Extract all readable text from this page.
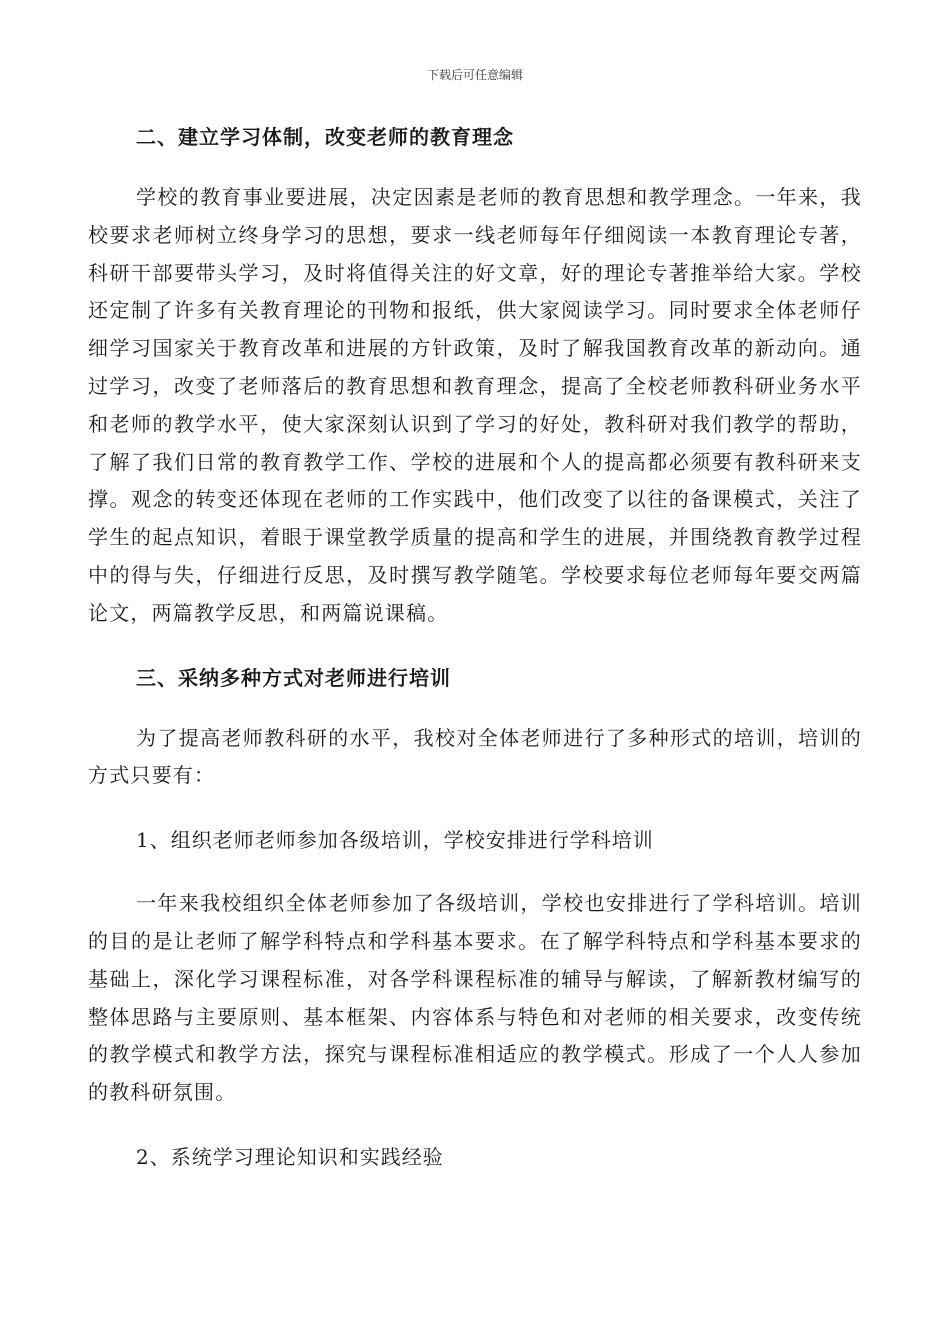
下载后可任意编辑
二、建立学习体制，改变老师的教育理念

学校的教育事业要进展，决定因素是老师的教育思想和教学理念。一年来，我校要求老师树立终身学习的思想，要求一线老师每年仔细阅读一本教育理论专著，科研干部要带头学习，及时将值得关注的好文章，好的理论专著推举给大家。学校还定制了许多有关教育理论的刊物和报纸，供大家阅读学习。同时要求全体老师仔细学习国家关于教育改革和进展的方针政策，及时了解我国教育改革的新动向。通过学习，改变了老师落后的教育思想和教育理念，提高了全校老师教科研业务水平和老师的教学水平，使大家深刻认识到了学习的好处，教科研对我们教学的帮助，了解了我们日常的教育教学工作、学校的进展和个人的提高都必须要有教科研来支撑。观念的转变还体现在老师的工作实践中，他们改变了以往的备课模式，关注了学生的起点知识，着眼于课堂教学质量的提高和学生的进展，并围绕教育教学过程中的得与失，仔细进行反思，及时撰写教学随笔。学校要求每位老师每年要交两篇论文，两篇教学反思，和两篇说课稿。

三、采纳多种方式对老师进行培训

为了提高老师教科研的水平，我校对全体老师进行了多种形式的培训，培训的方式只要有：

1、组织老师老师参加各级培训，学校安排进行学科培训

一年来我校组织全体老师参加了各级培训，学校也安排进行了学科培训。培训的目的是让老师了解学科特点和学科基本要求。在了解学科特点和学科基本要求的基础上，深化学习课程标准，对各学科课程标准的辅导与解读，了解新教材编写的整体思路与主要原则、基本框架、内容体系与特色和对老师的相关要求，改变传统的教学模式和教学方法，探究与课程标准相适应的教学模式。形成了一个人人参加的教科研氛围。

2、系统学习理论知识和实践经验
